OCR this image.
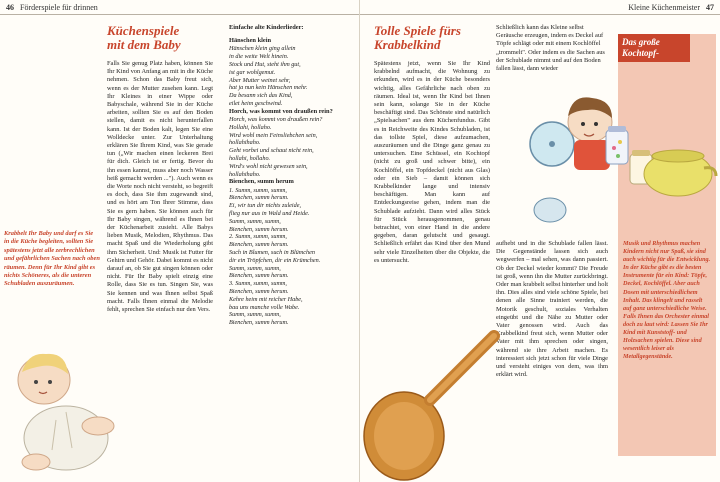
46 Förderspiele für drinnen
Küchenspiele
mit dem Baby

Falls Sie genug Platz haben, können Sie Ihr Kind von Anfang an mit in die Küche nehmen. Schon das Baby freut sich, wenn es der Mutter zusehen kann. Legt Ihr Kleines in einer Wippe oder Babyschale, während Sie in der Küche arbeiten, sollten Sie es auf den Boden stellen, damit es nicht herunterfallen kann. Ist der Boden kalt, legen Sie eine Wolldecke unter. Zur Unterhaltung erklären Sie Ihrem Kind, was Sie gerade tun („Wir machen einen leckeren Brei für dich. Gleich ist er fertig. Bevor du ihn essen kannst, muss aber noch Wasser heiß gemacht werden ..."). Auch wenn es die Worte noch nicht versteht, so begreift es doch, dass Sie ihm zugewandt sind, und es hört am Ton Ihrer Stimme, dass Sie es gern haben. Sie können auch für Ihr Baby singen, während es Ihnen bei der Küchenarbeit zusieht. Alle Babys lieben Musik, Melodien, Rhythmus. Das macht Spaß und die Wiederholung gibt ihm Sicherheit. Und: Musik ist Futter für Gehirn und Gehör. Dabei kommt es nicht darauf an, ob Sie gut singen können oder nicht. Für Ihr Baby spielt einzig eine Rolle, dass Sie es tun. Singen Sie, was Sie kennen und was Ihnen selbst Spaß macht. Falls Ihnen einmal die Melodie fehlt, sprechen Sie einfach nur den Vers.

Einfache alte Kinderlieder:

Hänschen klein

Hänschen klein ging allein
in die weite Welt hinein.
Stock und Hut, steht ihm gut,
ist gar wohlgemut.
Aber Mutter weinet sehr,
hat ja nun kein Hänschen mehr.
Da besann sich das Kind,
eilet heim geschwind.

Horch, was kommt von draußen rein?

Horch, was kommt von draußen rein?
Hollahi, hollaho.
Wird wohl mein Feinsliebchen sein,
hollahihaho.
Geht vorbei und schaut nicht rein,
hollahi, hollaho.
Wird's wohl nicht gewesen sein,
hollahihaho.

Bienchen, summ herum

1. Summ, summ, summ,
Bienchen, summ herum.
Ei, wir tun dir nichts zuleide,
flieg nur aus in Wald und Heide.
Summ, summ, summ,
Bienchen, summ herum.
2. Summ, summ, summ,
Bienchen, summ herum.
Such in Blumen, such in Blümchen
dir ein Tröpfchen, dir ein Krümchen.
Summ, summ, summ,
Bienchen, summ herum.
3. Summ, summ, summ,
Bienchen, summ herum.
Kehre heim mit reicher Habe,
bau uns manche volle Wabe.
Summ, summ, summ,
Bienchen, summ herum.

Krabbelt Ihr Baby und darf es Sie in die Küche begleiten, sollten Sie spätestens jetzt alle zerbrechlichen und gefährlichen Sachen nach oben räumen. Denn für Ihr Kind gibt es nichts Schöneres, als die unteren Schubladen auszuräumen.
Kleine Küchenmeister 47
Tolle Spiele fürs
Krabbelkind

Spätestens jetzt, wenn Sie Ihr Kind krabbelnd aufmacht, die Wohnung zu erkunden, wird es in der Küche besonders wichtig, alles Gefährliche nach oben zu räumen. Ideal ist, wenn Ihr Kind bei Ihnen sein kann, solange Sie in der Küche beschäftigt sind. Das Schönste sind natürlich „Spielsachen" aus dem Küchenfundus. Gibt es in Reichweite des Kindes Schubladen, ist das tollste Spiel, diese aufzumachen, auszuräumen und die Dinge ganz genau zu untersuchen. Eine Schüssel, ein Kochtopf (nicht zu groß und schwer bitte), ein Kochlöffel, ein Topfdeckel (nicht aus Glas) oder ein Sieb – damit können sich Krabbelkinder lange und intensiv beschäftigen. Man kann auf Entdeckungsreise gehen, indem man die Schublade aufzieht. Dann wird alles Stück für Stück herausgenommen, genau betrachtet, von einer Hand in die andere gegeben, daran gelutscht und gesaugt. Schließlich erfährt das Kind über den Mund sehr viele Einzelheiten über die Objekte, die es untersucht.

Schließlich kann das Kleine selbst Geräusche erzeugen, indem es Deckel auf Töpfe schlägt oder mit einem Kochlöffel „trommelt". Oder indem es die Sachen aus der Schublade nimmt und auf den Boden fallen lässt, dann wieder
aufhebt und in die Schublade fallen lässt. Die Gegenstände lassen sich auch wegwerfen – mal sehen, was dann passiert. Ob der Deckel wieder kommt? Die Freude ist groß, wenn ihn die Mutter zurückbringt. Oder man krabbelt selbst hinterher und holt ihn. Dies alles sind viele schöne Spiele, bei denen alle Sinne trainiert werden, die Motorik geschult, soziales Verhalten eingeübt und die Nähe zu Mutter oder Vater genossen wird. Auch das Krabbelkind freut sich, wenn Mutter oder Vater mit ihm sprechen oder singen, während sie ihre Arbeit machen. Es interessiert sich jetzt schon für viele Dinge und versteht einiges von dem, was ihm erklärt wird.
Das große
Kochtopf-
Musik und Rhythmus machen Kindern nicht nur Spaß, sie sind auch wichtig für die Entwicklung. In der Küche gibt es die besten Instrumente für ein Kind: Töpfe, Deckel, Kochlöffel. Aber auch Dosen mit unterschiedlichem Inhalt. Das klingelt und rasselt auf ganz unterschiedliche Weise. Falls Ihnen das Orchester einmal doch zu laut wird: Lassen Sie Ihr Kind mit Kunststoff- und Holzsachen spielen. Diese sind wesentlich leiser als Metallgegenstände.
